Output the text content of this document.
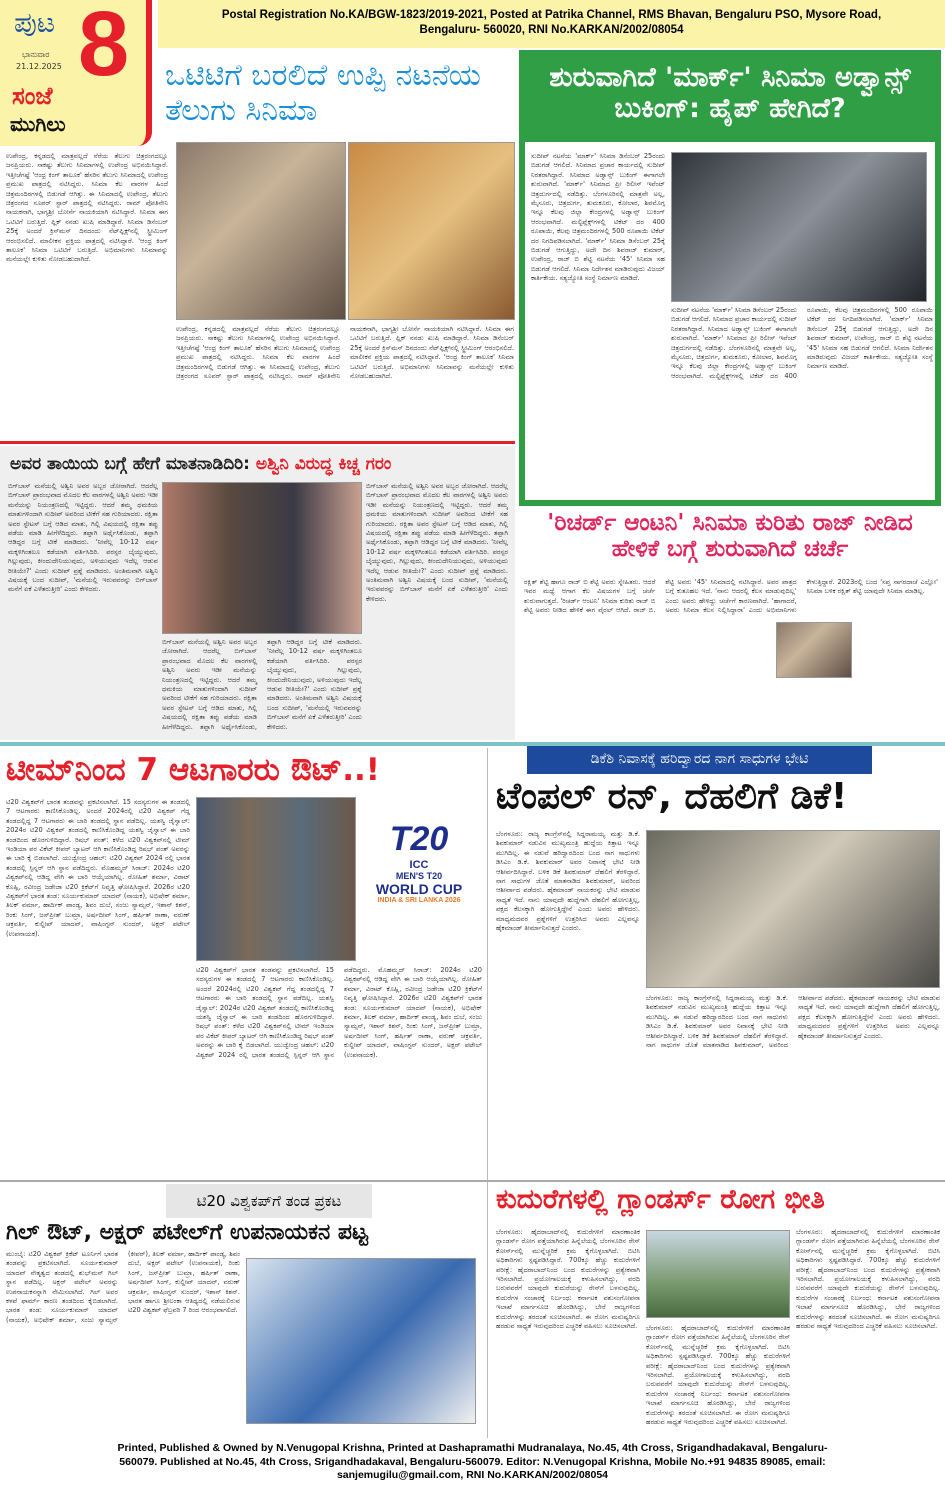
ಪುಟ 8
ಭಾನುವಾರ
21.12.2025
ಸಂಜೆ
ಮುಗಿಲು
Postal Registration No.KA/BGW-1823/2019-2021, Posted at Patrika Channel, RMS Bhavan, Bengaluru PSO, Mysore Road, Bengaluru- 560020, RNI No.KARKAN/2002/08054
ಒಟಿಟಿಗೆ ಬರಲಿದೆ ಉಪ್ಪಿ ನಟನೆಯ ತೆಲುಗು ಸಿನಿಮಾ
ಉಪೇಂದ್ರ, ಕನ್ನಡದಲ್ಲಿ ಮಾತ್ರವಲ್ಲದೆ ನೆರೆಯ ತೆಲುಗು ಚಿತ್ರರಂಗದಲ್ಲೂ ಜನಪ್ರಿಯರು. ಸಾಕಷ್ಟು ತೆಲುಗು ಸಿನಿಮಾಗಳಲ್ಲಿ ಉಪೇಂದ್ರ ಅಭಿನಯಿಸಿದ್ದಾರೆ. ಇತ್ತೀಚೆಗಷ್ಟೆ 'ಆಂಧ್ರ ಕಿಂಗ್ ತಾಲೂಕ' ಹೆಸರಿನ ತೆಲುಗು ಸಿನಿಮಾದಲ್ಲಿ ಉಪೇಂದ್ರ ಪ್ರಮುಖ ಪಾತ್ರದಲ್ಲಿ ನಟಿಸಿದ್ದರು. ಸಿನಿಮಾ ಕೆಲ ವಾರಗಳ ಹಿಂದೆ ಚಿತ್ರಮಂದಿರಗಳಲ್ಲಿ ಬಿಡುಗಡೆ ಆಗಿತ್ತು. ಈ ಸಿನಿಮಾದಲ್ಲಿ ಉಪೇಂದ್ರ, ತೆಲುಗು ಚಿತ್ರರಂಗದ ಸೂಪರ್ ಸ್ಟಾರ್ ಪಾತ್ರದಲ್ಲಿ ನಟಿಸಿದ್ದರು. ರಾಮ್ ಪೋತಿನೇನಿ ನಾಯಕನಾಗಿ, ಭಾಗ್ಯಶ್ರೀ ಬೋರ್ಸೆ ನಾಯಕಿಯಾಗಿ ನಟಿಸಿದ್ದಾರೆ. ಸಿನಿಮಾ ಈಗ ಒಟಿಟಿಗೆ ಬರುತ್ತಿದೆ. ಫ್ಲಿಕ್ ನನಡು ಖುಷಿ ಮಾಡಿದ್ದಾರೆ. ಸಿನಿಮಾ ಡಿಸೆಂಬರ್ 25ಕ್ಕೆ ಅಂದರೆ ಕ್ರಿಸ್‌ಮಸ್ ದಿನದಂದು ನೆಟ್‌ಫ್ಲಿಕ್ಸ್‌ನಲ್ಲಿ ಸ್ಟ್ರೀಮಿಂಗ್ ಆರಂಭಿಸಲಿದೆ. ಮಾಲೀಕನ ಪ್ರಕ್ತಿಯ ಪಾತ್ರದಲ್ಲಿ ನಟಿಸಿದ್ದಾರೆ. 'ಆಂಧ್ರ ಕಿಂಗ್ ತಾಲೂಕ' ಸಿನಿಮಾ ಒಟಿಟಿಗೆ ಬರುತ್ತಿದೆ. ಅಭಿಮಾನಿಗಳು ಸಿನಿಮಾವನ್ನು ಮನೆಯಲ್ಲೇ ಕುಳಿತು ನೋಡಬಹುದಾಗಿದೆ.
ಉಪೇಂದ್ರ, ಕನ್ನಡದಲ್ಲಿ ಮಾತ್ರವಲ್ಲದೆ ನೆರೆಯ ತೆಲುಗು ಚಿತ್ರರಂಗದಲ್ಲೂ ಜನಪ್ರಿಯರು. ಸಾಕಷ್ಟು ತೆಲುಗು ಸಿನಿಮಾಗಳಲ್ಲಿ ಉಪೇಂದ್ರ ಅಭಿನಯಿಸಿದ್ದಾರೆ. ಇತ್ತೀಚೆಗಷ್ಟೆ 'ಆಂಧ್ರ ಕಿಂಗ್ ತಾಲೂಕ' ಹೆಸರಿನ ತೆಲುಗು ಸಿನಿಮಾದಲ್ಲಿ ಉಪೇಂದ್ರ ಪ್ರಮುಖ ಪಾತ್ರದಲ್ಲಿ ನಟಿಸಿದ್ದರು. ಸಿನಿಮಾ ಕೆಲ ವಾರಗಳ ಹಿಂದೆ ಚಿತ್ರಮಂದಿರಗಳಲ್ಲಿ ಬಿಡುಗಡೆ ಆಗಿತ್ತು. ಈ ಸಿನಿಮಾದಲ್ಲಿ ಉಪೇಂದ್ರ, ತೆಲುಗು ಚಿತ್ರರಂಗದ ಸೂಪರ್ ಸ್ಟಾರ್ ಪಾತ್ರದಲ್ಲಿ ನಟಿಸಿದ್ದರು. ರಾಮ್ ಪೋತಿನೇನಿ ನಾಯಕನಾಗಿ, ಭಾಗ್ಯಶ್ರೀ ಬೋರ್ಸೆ ನಾಯಕಿಯಾಗಿ ನಟಿಸಿದ್ದಾರೆ. ಸಿನಿಮಾ ಈಗ ಒಟಿಟಿಗೆ ಬರುತ್ತಿದೆ. ಫ್ಲಿಕ್ ನನಡು ಖುಷಿ ಮಾಡಿದ್ದಾರೆ. ಸಿನಿಮಾ ಡಿಸೆಂಬರ್ 25ಕ್ಕೆ ಅಂದರೆ ಕ್ರಿಸ್‌ಮಸ್ ದಿನದಂದು ನೆಟ್‌ಫ್ಲಿಕ್ಸ್‌ನಲ್ಲಿ ಸ್ಟ್ರೀಮಿಂಗ್ ಆರಂಭಿಸಲಿದೆ. ಮಾಲೀಕನ ಪ್ರಕ್ತಿಯ ಪಾತ್ರದಲ್ಲಿ ನಟಿಸಿದ್ದಾರೆ. 'ಆಂಧ್ರ ಕಿಂಗ್ ತಾಲೂಕ' ಸಿನಿಮಾ ಒಟಿಟಿಗೆ ಬರುತ್ತಿದೆ. ಅಭಿಮಾನಿಗಳು ಸಿನಿಮಾವನ್ನು ಮನೆಯಲ್ಲೇ ಕುಳಿತು ನೋಡಬಹುದಾಗಿದೆ.
ಶುರುವಾಗಿದೆ 'ಮಾರ್ಕ್' ಸಿನಿಮಾ ಅಡ್ವಾನ್ಸ್ ಬುಕಿಂಗ್: ಹೈಪ್ ಹೇಗಿದೆ?
ಸುದೀಪ್ ನಟನೆಯ 'ಮಾರ್ಕ್' ಸಿನಿಮಾ ಡಿಸೆಂಬರ್ 25ರಂದು ಬಿಡುಗಡೆ ಆಗಲಿದೆ. ಸಿನಿಮಾದ ಪ್ರಚಾರ ಕಾರ್ಯದಲ್ಲಿ ಸುದೀಪ್ ನಿರತರಾಗಿದ್ದಾರೆ. ಸಿನಿಮಾದ ಅಡ್ವಾನ್ಸ್ ಬುಕಿಂಗ್ ಈಗಾಗಲೇ ಶುರುವಾಗಿದೆ. 'ಮಾರ್ಕ್' ಸಿನಿಮಾದ ಪ್ರೀ ರಿಲೀಸ್ ಇವೆಂಟ್ ಚಿತ್ರದುರ್ಗದಲ್ಲಿ ನಡೆದಿತ್ತು. ಬೆಂಗಳೂರಿನಲ್ಲಿ ಮಾತ್ರವೇ ಅಲ್ಲ, ಮೈಸೂರು, ಚಿತ್ರದುರ್ಗ, ತುಮಕೂರು, ಕೋಲಾರ, ಶಿವಮೊಗ್ಗ ಇನ್ನೂ ಕೆಲವು ಜಿಲ್ಲಾ ಕೇಂದ್ರಗಳಲ್ಲಿ ಅಡ್ವಾನ್ಸ್ ಬುಕಿಂಗ್ ಆರಂಭವಾಗಿದೆ. ಮಲ್ಟಿಪ್ಲೆಕ್ಸ್‌ಗಳಲ್ಲಿ ಟಿಕೆಟ್ ದರ 400 ರೂಪಾಯಿ, ಕೆಲವು ಚಿತ್ರಮಂದಿರಗಳಲ್ಲಿ 500 ರೂಪಾಯಿ ಟಿಕೆಟ್ ದರ ನಿಗದಿಪಡಿಸಲಾಗಿದೆ. 'ಮಾರ್ಕ್' ಸಿನಿಮಾ ಡಿಸೆಂಬರ್ 25ಕ್ಕೆ ಬಿಡುಗಡೆ ಆಗುತ್ತಿದ್ದು, ಅದೇ ದಿನ ಶಿವರಾಜ್ ಕುಮಾರ್, ಉಪೇಂದ್ರ, ರಾಜ್ ಬಿ ಶೆಟ್ಟಿ ನಟನೆಯ '45' ಸಿನಿಮಾ ಸಹ ಬಿಡುಗಡೆ ಆಗಲಿದೆ. ಸಿನಿಮಾ ನಿರ್ದೇಶನ ಮಾಡಿರುವುದು ವಿಜಯ್ ಕಾರ್ತಿಕೇಯ. ಸತ್ಯಜ್ಯೋತಿ ಸಂಸ್ಥೆ ನಿರ್ಮಾಣ ಮಾಡಿದೆ.
ಸುದೀಪ್ ನಟನೆಯ 'ಮಾರ್ಕ್' ಸಿನಿಮಾ ಡಿಸೆಂಬರ್ 25ರಂದು ಬಿಡುಗಡೆ ಆಗಲಿದೆ. ಸಿನಿಮಾದ ಪ್ರಚಾರ ಕಾರ್ಯದಲ್ಲಿ ಸುದೀಪ್ ನಿರತರಾಗಿದ್ದಾರೆ. ಸಿನಿಮಾದ ಅಡ್ವಾನ್ಸ್ ಬುಕಿಂಗ್ ಈಗಾಗಲೇ ಶುರುವಾಗಿದೆ. 'ಮಾರ್ಕ್' ಸಿನಿಮಾದ ಪ್ರೀ ರಿಲೀಸ್ ಇವೆಂಟ್ ಚಿತ್ರದುರ್ಗದಲ್ಲಿ ನಡೆದಿತ್ತು. ಬೆಂಗಳೂರಿನಲ್ಲಿ ಮಾತ್ರವೇ ಅಲ್ಲ, ಮೈಸೂರು, ಚಿತ್ರದುರ್ಗ, ತುಮಕೂರು, ಕೋಲಾರ, ಶಿವಮೊಗ್ಗ ಇನ್ನೂ ಕೆಲವು ಜಿಲ್ಲಾ ಕೇಂದ್ರಗಳಲ್ಲಿ ಅಡ್ವಾನ್ಸ್ ಬುಕಿಂಗ್ ಆರಂಭವಾಗಿದೆ. ಮಲ್ಟಿಪ್ಲೆಕ್ಸ್‌ಗಳಲ್ಲಿ ಟಿಕೆಟ್ ದರ 400 ರೂಪಾಯಿ, ಕೆಲವು ಚಿತ್ರಮಂದಿರಗಳಲ್ಲಿ 500 ರೂಪಾಯಿ ಟಿಕೆಟ್ ದರ ನಿಗದಿಪಡಿಸಲಾಗಿದೆ. 'ಮಾರ್ಕ್' ಸಿನಿಮಾ ಡಿಸೆಂಬರ್ 25ಕ್ಕೆ ಬಿಡುಗಡೆ ಆಗುತ್ತಿದ್ದು, ಅದೇ ದಿನ ಶಿವರಾಜ್ ಕುಮಾರ್, ಉಪೇಂದ್ರ, ರಾಜ್ ಬಿ ಶೆಟ್ಟಿ ನಟನೆಯ '45' ಸಿನಿಮಾ ಸಹ ಬಿಡುಗಡೆ ಆಗಲಿದೆ. ಸಿನಿಮಾ ನಿರ್ದೇಶನ ಮಾಡಿರುವುದು ವಿಜಯ್ ಕಾರ್ತಿಕೇಯ. ಸತ್ಯಜ್ಯೋತಿ ಸಂಸ್ಥೆ ನಿರ್ಮಾಣ ಮಾಡಿದೆ.
ಅವರ ತಾಯಿಯ ಬಗ್ಗೆ ಹೇಗೆ ಮಾತನಾಡಿದಿರಿ: ಅಶ್ವಿನಿ ವಿರುದ್ಧ ಕಿಚ್ಚ ಗರಂ
ಬಿಗ್‌ಬಾಸ್ ಮನೆಯಲ್ಲಿ ಅಶ್ವಿನಿ ಅವರ ಅಬ್ಬರ ಜೋರಾಗಿದೆ. ಆದರೆಲ್ಲ ಬಿಗ್‌ಬಾಸ್ ಪ್ರಾರಂಭವಾದ ಮೊದಲ ಕೆಲ ವಾರಗಳಲ್ಲಿ ಅಶ್ವಿನಿ ಅವರು ಇಡೀ ಮನೆಯನ್ನು ನಿಯಂತ್ರಣದಲ್ಲಿ ಇಟ್ಟಿದ್ದರು. ಆದರೆ ತಮ್ಮ ಧಮಕಿಯ ಮಾತುಗಳಿಂದಾಗಿ ಸುದೀಪ್ ಅವರಿಂದ ಟೀಕೆಗೆ ಸಹ ಗುರಿಯಾದರು. ರಕ್ಷಿತಾ ಅವರ ಸ್ಟೇಟಸ್ ಬಗ್ಗೆ ಆಡಿದ ಮಾತು, ಗಿಲ್ಲಿ ವಿಷಯದಲ್ಲಿ ರಕ್ಷಿತಾ ತಪ್ಪು ಪಡೆಯ ಮಾಡಿ ಹೀಗೆಳೆದಿದ್ದರು. ತಪ್ಪಾಗಿ ಅರ್ಥೈಸಿಕೊಂಡು, ತಪ್ಪಾಗಿ ಆಡಿದ್ದರ ಬಗ್ಗೆ ಟೀಕೆ ಮಾಡಿದರು. 'ನೀವೆಲ್ಲ 10-12 ವರ್ಷ ಮಕ್ಕಳಿಗಿಂತಲೂ ಕಡೆಯಾಗಿ ವರ್ತಿಸಿದಿರಿ. ಪರಸ್ಪರ ಬೈಯ್ಯುವುದು, ಗಿಲ್ಲುವುದು, ಕೀಂದುದೇನಿಯುವುದು, ಅಳಿಯುವುದು ಇದೆಲ್ಲ ಆಡುವ ರೀತಿಯೇ?' ಎಂದು ಸುದೀಪ್ ಪ್ರಶ್ನೆ ಮಾಡಿದರು. ಅಂತಿಮವಾಗಿ ಅಶ್ವಿನಿ ವಿಷಯಕ್ಕೆ ಬಂದ ಸುದೀಪ್, 'ಮನೆಯಲ್ಲಿ ಇರುವವರನ್ನು ಬಿಗ್‌ಬಾಸ್ ಮನೆಗೆ ಏಕೆ ಎಳೆತರುತ್ತೀರಿ' ಎಂದು ಕೇಳಿದರು.
ಬಿಗ್‌ಬಾಸ್ ಮನೆಯಲ್ಲಿ ಅಶ್ವಿನಿ ಅವರ ಅಬ್ಬರ ಜೋರಾಗಿದೆ. ಆದರೆಲ್ಲ ಬಿಗ್‌ಬಾಸ್ ಪ್ರಾರಂಭವಾದ ಮೊದಲ ಕೆಲ ವಾರಗಳಲ್ಲಿ ಅಶ್ವಿನಿ ಅವರು ಇಡೀ ಮನೆಯನ್ನು ನಿಯಂತ್ರಣದಲ್ಲಿ ಇಟ್ಟಿದ್ದರು. ಆದರೆ ತಮ್ಮ ಧಮಕಿಯ ಮಾತುಗಳಿಂದಾಗಿ ಸುದೀಪ್ ಅವರಿಂದ ಟೀಕೆಗೆ ಸಹ ಗುರಿಯಾದರು. ರಕ್ಷಿತಾ ಅವರ ಸ್ಟೇಟಸ್ ಬಗ್ಗೆ ಆಡಿದ ಮಾತು, ಗಿಲ್ಲಿ ವಿಷಯದಲ್ಲಿ ರಕ್ಷಿತಾ ತಪ್ಪು ಪಡೆಯ ಮಾಡಿ ಹೀಗೆಳೆದಿದ್ದರು. ತಪ್ಪಾಗಿ ಅರ್ಥೈಸಿಕೊಂಡು, ತಪ್ಪಾಗಿ ಆಡಿದ್ದರ ಬಗ್ಗೆ ಟೀಕೆ ಮಾಡಿದರು. 'ನೀವೆಲ್ಲ 10-12 ವರ್ಷ ಮಕ್ಕಳಿಗಿಂತಲೂ ಕಡೆಯಾಗಿ ವರ್ತಿಸಿದಿರಿ. ಪರಸ್ಪರ ಬೈಯ್ಯುವುದು, ಗಿಲ್ಲುವುದು, ಕೀಂದುದೇನಿಯುವುದು, ಅಳಿಯುವುದು ಇದೆಲ್ಲ ಆಡುವ ರೀತಿಯೇ?' ಎಂದು ಸುದೀಪ್ ಪ್ರಶ್ನೆ ಮಾಡಿದರು. ಅಂತಿಮವಾಗಿ ಅಶ್ವಿನಿ ವಿಷಯಕ್ಕೆ ಬಂದ ಸುದೀಪ್, 'ಮನೆಯಲ್ಲಿ ಇರುವವರನ್ನು ಬಿಗ್‌ಬಾಸ್ ಮನೆಗೆ ಏಕೆ ಎಳೆತರುತ್ತೀರಿ' ಎಂದು ಕೇಳಿದರು.
ಬಿಗ್‌ಬಾಸ್ ಮನೆಯಲ್ಲಿ ಅಶ್ವಿನಿ ಅವರ ಅಬ್ಬರ ಜೋರಾಗಿದೆ. ಆದರೆಲ್ಲ ಬಿಗ್‌ಬಾಸ್ ಪ್ರಾರಂಭವಾದ ಮೊದಲ ಕೆಲ ವಾರಗಳಲ್ಲಿ ಅಶ್ವಿನಿ ಅವರು ಇಡೀ ಮನೆಯನ್ನು ನಿಯಂತ್ರಣದಲ್ಲಿ ಇಟ್ಟಿದ್ದರು. ಆದರೆ ತಮ್ಮ ಧಮಕಿಯ ಮಾತುಗಳಿಂದಾಗಿ ಸುದೀಪ್ ಅವರಿಂದ ಟೀಕೆಗೆ ಸಹ ಗುರಿಯಾದರು. ರಕ್ಷಿತಾ ಅವರ ಸ್ಟೇಟಸ್ ಬಗ್ಗೆ ಆಡಿದ ಮಾತು, ಗಿಲ್ಲಿ ವಿಷಯದಲ್ಲಿ ರಕ್ಷಿತಾ ತಪ್ಪು ಪಡೆಯ ಮಾಡಿ ಹೀಗೆಳೆದಿದ್ದರು. ತಪ್ಪಾಗಿ ಅರ್ಥೈಸಿಕೊಂಡು, ತಪ್ಪಾಗಿ ಆಡಿದ್ದರ ಬಗ್ಗೆ ಟೀಕೆ ಮಾಡಿದರು. 'ನೀವೆಲ್ಲ 10-12 ವರ್ಷ ಮಕ್ಕಳಿಗಿಂತಲೂ ಕಡೆಯಾಗಿ ವರ್ತಿಸಿದಿರಿ. ಪರಸ್ಪರ ಬೈಯ್ಯುವುದು, ಗಿಲ್ಲುವುದು, ಕೀಂದುದೇನಿಯುವುದು, ಅಳಿಯುವುದು ಇದೆಲ್ಲ ಆಡುವ ರೀತಿಯೇ?' ಎಂದು ಸುದೀಪ್ ಪ್ರಶ್ನೆ ಮಾಡಿದರು. ಅಂತಿಮವಾಗಿ ಅಶ್ವಿನಿ ವಿಷಯಕ್ಕೆ ಬಂದ ಸುದೀಪ್, 'ಮನೆಯಲ್ಲಿ ಇರುವವರನ್ನು ಬಿಗ್‌ಬಾಸ್ ಮನೆಗೆ ಏಕೆ ಎಳೆತರುತ್ತೀರಿ' ಎಂದು ಕೇಳಿದರು.
'ರಿಚರ್ಡ್ ಆಂಟನಿ' ಸಿನಿಮಾ ಕುರಿತು ರಾಜ್ ನೀಡಿದ ಹೇಳಿಕೆ ಬಗ್ಗೆ ಶುರುವಾಗಿದೆ ಚರ್ಚೆ
ರಕ್ಷಿತ್ ಶೆಟ್ಟಿ ಹಾಗೂ ರಾಜ್ ಬಿ ಶೆಟ್ಟಿ ಅವರು ಸ್ನೇಹಿತರು. ಆದರೆ ಇವರ ಮಧ್ಯೆ ಆಗಾಗ ಕೆಲ ವಿಷಯಗಳ ಬಗ್ಗೆ ಚರ್ಚೆ ಶುರುವಾಗುತ್ತದೆ. 'ರಿಚರ್ಡ್ ಆಂಟನಿ' ಸಿನಿಮಾ ಕುರಿತು ರಾಜ್ ಬಿ ಶೆಟ್ಟಿ ಅವರು ನೀಡಿದ ಹೇಳಿಕೆ ಈಗ ವೈರಲ್ ಆಗಿದೆ. ರಾಜ್ ಬಿ. ಶೆಟ್ಟಿ ಅವರು '45' ಸಿನಿಮಾದಲ್ಲಿ ನಟಿಸಿದ್ದಾರೆ. ಅವರ ಪಾತ್ರದ ಬಗ್ಗೆ ಕುತೂಹಲ ಇದೆ. 'ನಾನು ಆದರಲ್ಲಿ ಕೆಲಸ ಮಾಡುವುದಿಲ್ಲ' ಎಂದು ಅವರು ಹೇಳಿದ್ದು ಚರ್ಚೆಗೆ ಕಾರಣವಾಗಿದೆ. 'ಹಾಗಾದರೆ, ಅವರು ಸಿನಿಮಾ ಕೆಲಸ ನಿಲ್ಲಿಸಿದ್ದಾರಾ' ಎಂದು ಅಭಿಮಾನಿಗಳು ಕೇಳುತ್ತಿದ್ದಾರೆ. 2023ರಲ್ಲಿ ಬಂದ 'ಸಪ್ತ ಸಾಗರದಾಚೆ ಎಲ್ಲೋ' ಸಿನಿಮಾ ಬಳಿಕ ರಕ್ಷಿತ್ ಶೆಟ್ಟಿ ಯಾವುದೇ ಸಿನಿಮಾ ಮಾಡಿಲ್ಲ.
ಟೀಮ್‌ನಿಂದ 7 ಆಟಗಾರರು ಔಟ್..!
T20
ICC
MEN'S T20
WORLD CUP
INDIA & SRI LANKA 2026
ಟಿ20 ವಿಶ್ವಕಪ್‌ಗೆ ಭಾರತ ತಂಡವನ್ನು ಪ್ರಕಟಿಸಲಾಗಿದೆ. 15 ಸದಸ್ಯರುಗಳ ಈ ತಂಡದಲ್ಲಿ 7 ಆಟಗಾರರು ಕಾಣಿಸಿಕೊಂಡಿಲ್ಲ. ಅಂದರೆ 2024ರಲ್ಲಿ ಟಿ20 ವಿಶ್ವಕಪ್ ಗೆದ್ದ ತಂಡದಲ್ಲಿದ್ದ 7 ಆಟಗಾರರು ಈ ಬಾರಿ ತಂಡದಲ್ಲಿ ಸ್ಥಾನ ಪಡೆದಿಲ್ಲ. ಯಶಸ್ವಿ ಜೈಸ್ವಾಲ್: 2024ರ ಟಿ20 ವಿಶ್ವಕಪ್ ತಂಡದಲ್ಲಿ ಕಾಣಿಸಿಕೊಂಡಿದ್ದ ಯಶಸ್ವಿ ಜೈಸ್ವಾಲ್ ಈ ಬಾರಿ ತಂಡದಿಂದ ಹೊರಗುಳಿದಿದ್ದಾರೆ. ರಿಷಭ್ ಪಂತ್: ಕಳೆದ ಟಿ20 ವಿಶ್ವಕಪ್‌ನಲ್ಲಿ ಟೀಮ್ ಇಂಡಿಯಾ ಪರ ವಿಕೆಟ್ ಕೀಪರ್ ಬ್ಯಾಟರ್ ಆಗಿ ಕಾಣಿಸಿಕೊಂಡಿದ್ದ ರಿಷಭ್ ಪಂತ್ ಅವರನ್ನು ಈ ಬಾರಿ ಕೈ ಬಿಡಲಾಗಿದೆ. ಯುಜ್ವೇಂದ್ರ ಚಹಲ್: ಟಿ20 ವಿಶ್ವಕಪ್ 2024 ರಲ್ಲಿ ಭಾರತ ತಂಡದಲ್ಲಿ ಸ್ಪಿನ್ನರ್ ಆಗಿ ಸ್ಥಾನ ಪಡೆದಿದ್ದರು. ಮೊಹಮ್ಮದ್ ಸಿರಾಜ್: 2024ರ ಟಿ20 ವಿಶ್ವಕಪ್‌ನಲ್ಲಿ ಆಡಿದ್ದ ವೇಗಿ ಈ ಬಾರಿ ಆಯ್ಕೆಯಾಗಿಲ್ಲ. ರೋಹಿತ್ ಶರ್ಮಾ, ವಿರಾಟ್ ಕೊಹ್ಲಿ, ರವೀಂದ್ರ ಜಡೇಜಾ ಟಿ20 ಕ್ರಿಕೆಟ್‌ಗೆ ನಿವೃತ್ತಿ ಘೋಷಿಸಿದ್ದಾರೆ. 2026ರ ಟಿ20 ವಿಶ್ವಕಪ್‌ಗೆ ಭಾರತ ತಂಡ: ಸೂರ್ಯಕುಮಾರ್ ಯಾದವ್ (ನಾಯಕ), ಅಭಿಷೇಕ್ ಶರ್ಮಾ, ತಿಲಕ್ ವರ್ಮಾ, ಹಾರ್ದಿಕ್ ಪಾಂಡ್ಯ, ಶಿವಂ ದುಬೆ, ಸಂಜು ಸ್ಯಾಮ್ಸನ್, ಇಶಾನ್ ಕಿಶನ್, ರಿಂಕು ಸಿಂಗ್, ಜಸ್‌ಪ್ರೀತ್ ಬುಮ್ರಾ, ಅರ್ಷದೀಪ್ ಸಿಂಗ್, ಹರ್ಷಿತ್ ರಾಣಾ, ವರುಣ್ ಚಕ್ರವರ್ತಿ, ಕುಲ್ದೀಪ್ ಯಾದವ್, ವಾಷಿಂಗ್ಟನ್ ಸುಂದರ್, ಅಕ್ಷರ್ ಪಟೇಲ್ (ಉಪನಾಯಕ).
ಟಿ20 ವಿಶ್ವಕಪ್‌ಗೆ ಭಾರತ ತಂಡವನ್ನು ಪ್ರಕಟಿಸಲಾಗಿದೆ. 15 ಸದಸ್ಯರುಗಳ ಈ ತಂಡದಲ್ಲಿ 7 ಆಟಗಾರರು ಕಾಣಿಸಿಕೊಂಡಿಲ್ಲ. ಅಂದರೆ 2024ರಲ್ಲಿ ಟಿ20 ವಿಶ್ವಕಪ್ ಗೆದ್ದ ತಂಡದಲ್ಲಿದ್ದ 7 ಆಟಗಾರರು ಈ ಬಾರಿ ತಂಡದಲ್ಲಿ ಸ್ಥಾನ ಪಡೆದಿಲ್ಲ. ಯಶಸ್ವಿ ಜೈಸ್ವಾಲ್: 2024ರ ಟಿ20 ವಿಶ್ವಕಪ್ ತಂಡದಲ್ಲಿ ಕಾಣಿಸಿಕೊಂಡಿದ್ದ ಯಶಸ್ವಿ ಜೈಸ್ವಾಲ್ ಈ ಬಾರಿ ತಂಡದಿಂದ ಹೊರಗುಳಿದಿದ್ದಾರೆ. ರಿಷಭ್ ಪಂತ್: ಕಳೆದ ಟಿ20 ವಿಶ್ವಕಪ್‌ನಲ್ಲಿ ಟೀಮ್ ಇಂಡಿಯಾ ಪರ ವಿಕೆಟ್ ಕೀಪರ್ ಬ್ಯಾಟರ್ ಆಗಿ ಕಾಣಿಸಿಕೊಂಡಿದ್ದ ರಿಷಭ್ ಪಂತ್ ಅವರನ್ನು ಈ ಬಾರಿ ಕೈ ಬಿಡಲಾಗಿದೆ. ಯುಜ್ವೇಂದ್ರ ಚಹಲ್: ಟಿ20 ವಿಶ್ವಕಪ್ 2024 ರಲ್ಲಿ ಭಾರತ ತಂಡದಲ್ಲಿ ಸ್ಪಿನ್ನರ್ ಆಗಿ ಸ್ಥಾನ ಪಡೆದಿದ್ದರು. ಮೊಹಮ್ಮದ್ ಸಿರಾಜ್: 2024ರ ಟಿ20 ವಿಶ್ವಕಪ್‌ನಲ್ಲಿ ಆಡಿದ್ದ ವೇಗಿ ಈ ಬಾರಿ ಆಯ್ಕೆಯಾಗಿಲ್ಲ. ರೋಹಿತ್ ಶರ್ಮಾ, ವಿರಾಟ್ ಕೊಹ್ಲಿ, ರವೀಂದ್ರ ಜಡೇಜಾ ಟಿ20 ಕ್ರಿಕೆಟ್‌ಗೆ ನಿವೃತ್ತಿ ಘೋಷಿಸಿದ್ದಾರೆ. 2026ರ ಟಿ20 ವಿಶ್ವಕಪ್‌ಗೆ ಭಾರತ ತಂಡ: ಸೂರ್ಯಕುಮಾರ್ ಯಾದವ್ (ನಾಯಕ), ಅಭಿಷೇಕ್ ಶರ್ಮಾ, ತಿಲಕ್ ವರ್ಮಾ, ಹಾರ್ದಿಕ್ ಪಾಂಡ್ಯ, ಶಿವಂ ದುಬೆ, ಸಂಜು ಸ್ಯಾಮ್ಸನ್, ಇಶಾನ್ ಕಿಶನ್, ರಿಂಕು ಸಿಂಗ್, ಜಸ್‌ಪ್ರೀತ್ ಬುಮ್ರಾ, ಅರ್ಷದೀಪ್ ಸಿಂಗ್, ಹರ್ಷಿತ್ ರಾಣಾ, ವರುಣ್ ಚಕ್ರವರ್ತಿ, ಕುಲ್ದೀಪ್ ಯಾದವ್, ವಾಷಿಂಗ್ಟನ್ ಸುಂದರ್, ಅಕ್ಷರ್ ಪಟೇಲ್ (ಉಪನಾಯಕ).
ಡಿಕೆಶಿ ನಿವಾಸಕ್ಕೆ ಹರಿದ್ವಾರದ ನಾಗ ಸಾಧುಗಳ ಭೇಟಿ
ಟೆಂಪಲ್ ರನ್, ದೆಹಲಿಗೆ ಡಿಕೆ!
ಬೆಂಗಳೂರು: ರಾಜ್ಯ ಕಾಂಗ್ರೆಸ್‌ನಲ್ಲಿ ಸಿದ್ದರಾಮಯ್ಯ ಮತ್ತು ಡಿ.ಕೆ. ಶಿವಕುಮಾರ್ ನಡುವಿನ ಮುಖ್ಯಮಂತ್ರಿ ಹುದ್ದೆಯ ಕಿತ್ತಾಟ ಇನ್ನೂ ಮುಗಿದಿಲ್ಲ. ಈ ನಡುವೆ ಹರಿದ್ವಾರದಿಂದ ಬಂದ ನಾಗ ಸಾಧುಗಳು ಡಿಸಿಎಂ ಡಿ.ಕೆ. ಶಿವಕುಮಾರ್ ಅವರ ನಿವಾಸಕ್ಕೆ ಭೇಟಿ ನೀಡಿ ಆಶೀರ್ವದಿಸಿದ್ದಾರೆ. ಬಳಿಕ ಡಿಕೆ ಶಿವಕುಮಾರ್ ದೆಹಲಿಗೆ ತೆರಳಿದ್ದಾರೆ. ನಾಗ ಸಾಧುಗಳ ಜೊತೆ ಮಾತನಾಡಿದ ಶಿವಕುಮಾರ್, ಅವರಿಂದ ಆಶೀರ್ವಾದ ಪಡೆದರು. ಹೈಕಮಾಂಡ್ ನಾಯಕರನ್ನು ಭೇಟಿ ಮಾಡುವ ಸಾಧ್ಯತೆ ಇದೆ. ನಾನು ಯಾವುದೇ ಹುದ್ದೆಗಾಗಿ ದೆಹಲಿಗೆ ಹೋಗುತ್ತಿಲ್ಲ, ಪಕ್ಷದ ಕೆಲಸಕ್ಕಾಗಿ ಹೋಗುತ್ತಿದ್ದೇನೆ ಎಂದು ಅವರು ಹೇಳಿದರು. ಮಾಧ್ಯಮದವರ ಪ್ರಶ್ನೆಗಳಿಗೆ ಉತ್ತರಿಸಿದ ಅವರು ಎಲ್ಲವನ್ನೂ ಹೈಕಮಾಂಡ್ ತೀರ್ಮಾನಿಸುತ್ತದೆ ಎಂದರು.
ಬೆಂಗಳೂರು: ರಾಜ್ಯ ಕಾಂಗ್ರೆಸ್‌ನಲ್ಲಿ ಸಿದ್ದರಾಮಯ್ಯ ಮತ್ತು ಡಿ.ಕೆ. ಶಿವಕುಮಾರ್ ನಡುವಿನ ಮುಖ್ಯಮಂತ್ರಿ ಹುದ್ದೆಯ ಕಿತ್ತಾಟ ಇನ್ನೂ ಮುಗಿದಿಲ್ಲ. ಈ ನಡುವೆ ಹರಿದ್ವಾರದಿಂದ ಬಂದ ನಾಗ ಸಾಧುಗಳು ಡಿಸಿಎಂ ಡಿ.ಕೆ. ಶಿವಕುಮಾರ್ ಅವರ ನಿವಾಸಕ್ಕೆ ಭೇಟಿ ನೀಡಿ ಆಶೀರ್ವದಿಸಿದ್ದಾರೆ. ಬಳಿಕ ಡಿಕೆ ಶಿವಕುಮಾರ್ ದೆಹಲಿಗೆ ತೆರಳಿದ್ದಾರೆ. ನಾಗ ಸಾಧುಗಳ ಜೊತೆ ಮಾತನಾಡಿದ ಶಿವಕುಮಾರ್, ಅವರಿಂದ ಆಶೀರ್ವಾದ ಪಡೆದರು. ಹೈಕಮಾಂಡ್ ನಾಯಕರನ್ನು ಭೇಟಿ ಮಾಡುವ ಸಾಧ್ಯತೆ ಇದೆ. ನಾನು ಯಾವುದೇ ಹುದ್ದೆಗಾಗಿ ದೆಹಲಿಗೆ ಹೋಗುತ್ತಿಲ್ಲ, ಪಕ್ಷದ ಕೆಲಸಕ್ಕಾಗಿ ಹೋಗುತ್ತಿದ್ದೇನೆ ಎಂದು ಅವರು ಹೇಳಿದರು. ಮಾಧ್ಯಮದವರ ಪ್ರಶ್ನೆಗಳಿಗೆ ಉತ್ತರಿಸಿದ ಅವರು ಎಲ್ಲವನ್ನೂ ಹೈಕಮಾಂಡ್ ತೀರ್ಮಾನಿಸುತ್ತದೆ ಎಂದರು.
ಟಿ20 ವಿಶ್ವಕಪ್‌ಗೆ ತಂಡ ಪ್ರಕಟ
ಗಿಲ್ ಔಟ್, ಅಕ್ಷರ್ ಪಟೇಲ್‌ಗೆ ಉಪನಾಯಕನ ಪಟ್ಟ
ಮುಂಬೈ: ಟಿ20 ವಿಶ್ವಕಪ್ ಕ್ರಿಕೆಟ್ ಟೂರ್ನಿಗೆ ಭಾರತ ತಂಡವನ್ನು ಪ್ರಕಟಿಸಲಾಗಿದೆ. ಸೂರ್ಯಕುಮಾರ್ ಯಾದವ್ ನೇತೃತ್ವದ ತಂಡದಲ್ಲಿ ಶುಭ್‌ಮನ್ ಗಿಲ್ ಸ್ಥಾನ ಪಡೆದಿಲ್ಲ. ಅಕ್ಷರ್ ಪಟೇಲ್ ಅವರನ್ನು ಉಪನಾಯಕನನ್ನಾಗಿ ನೇಮಿಸಲಾಗಿದೆ. ಗಿಲ್ ಅವರ ಕಳಪೆ ಫಾರ್ಮ್ ಕಾರಣ ತಂಡದಿಂದ ಕೈಬಿಡಲಾಗಿದೆ. ಭಾರತ ತಂಡ: ಸೂರ್ಯಕುಮಾರ್ ಯಾದವ್ (ನಾಯಕ), ಅಭಿಷೇಕ್ ಶರ್ಮಾ, ಸಂಜು ಸ್ಯಾಮ್ಸನ್ (ಕೀಪರ್), ತಿಲಕ್ ವರ್ಮಾ, ಹಾರ್ದಿಕ್ ಪಾಂಡ್ಯ, ಶಿವಂ ದುಬೆ, ಅಕ್ಷರ್ ಪಟೇಲ್ (ಉಪನಾಯಕ), ರಿಂಕು ಸಿಂಗ್, ಜಸ್‌ಪ್ರೀತ್ ಬುಮ್ರಾ, ಹರ್ಷಿತ್ ರಾಣಾ, ಅರ್ಷದೀಪ್ ಸಿಂಗ್, ಕುಲ್ದೀಪ್ ಯಾದವ್, ವರುಣ್ ಚಕ್ರವರ್ತಿ, ವಾಷಿಂಗ್ಟನ್ ಸುಂದರ್, ಇಶಾನ್ ಕಿಶನ್. ಭಾರತ ಹಾಗೂ ಶ್ರೀಲಂಕಾ ಆತಿಥ್ಯದಲ್ಲಿ ನಡೆಯಲಿರುವ ಟಿ20 ವಿಶ್ವಕಪ್ ಫೆಬ್ರವರಿ 7 ರಿಂದ ಆರಂಭವಾಗಲಿದೆ.
ಕುದುರೆಗಳಲ್ಲಿ ಗ್ಲಾಂಡರ್ಸ್ ರೋಗ ಭೀತಿ
ಬೆಂಗಳೂರು: ಹೈದರಾಬಾದ್‌ನಲ್ಲಿ ಕುದುರೆಗಳಿಗೆ ಮಾರಣಾಂತಿಕ ಗ್ಲಾಂಡರ್ಸ್ ರೋಗ ಪತ್ತೆಯಾಗಿರುವ ಹಿನ್ನೆಲೆಯಲ್ಲಿ ಬೆಂಗಳೂರಿನ ರೇಸ್ ಕೋರ್ಸ್‌ನಲ್ಲಿ ಮುನ್ನೆಚ್ಚರಿಕೆ ಕ್ರಮ ಕೈಗೊಳ್ಳಲಾಗಿದೆ. ಬಿಟಿಸಿ ಅಧಿಕಾರಿಗಳು ಸ್ಪಷ್ಟಪಡಿಸಿದ್ದಾರೆ. 700ಕ್ಕೂ ಹೆಚ್ಚು ಕುದುರೆಗಳಿಗೆ ಪರೀಕ್ಷೆ: ಹೈದರಾಬಾದ್‌ನಿಂದ ಬಂದ ಕುದುರೆಗಳನ್ನು ಪ್ರತ್ಯೇಕವಾಗಿ ಇರಿಸಲಾಗಿದೆ. ಪ್ರಯೋಗಾಲಯಕ್ಕೆ ಕಳುಹಿಸಲಾಗಿದ್ದು, ವರದಿ ಬರುವವರೆಗೆ ಯಾವುದೇ ಕುದುರೆಯನ್ನು ರೇಸ್‌ಗೆ ಬಳಸುವುದಿಲ್ಲ. ಕುದುರೆಗಳ ಸಂಚಾರಕ್ಕೆ ನಿರ್ಬಂಧ: ಕರ್ನಾಟಕ ಪಶುಸಂಗೋಪನಾ ಇಲಾಖೆ ಮಾರ್ಗಸೂಚಿ ಹೊರಡಿಸಿದ್ದು, ಬೇರೆ ರಾಜ್ಯಗಳಿಂದ ಕುದುರೆಗಳನ್ನು ತರದಂತೆ ಸೂಚಿಸಲಾಗಿದೆ. ಈ ರೋಗ ಮನುಷ್ಯರಿಗೂ ಹರಡುವ ಸಾಧ್ಯತೆ ಇರುವುದರಿಂದ ಎಚ್ಚರಿಕೆ ವಹಿಸಲು ಸೂಚಿಸಲಾಗಿದೆ.
ಬೆಂಗಳೂರು: ಹೈದರಾಬಾದ್‌ನಲ್ಲಿ ಕುದುರೆಗಳಿಗೆ ಮಾರಣಾಂತಿಕ ಗ್ಲಾಂಡರ್ಸ್ ರೋಗ ಪತ್ತೆಯಾಗಿರುವ ಹಿನ್ನೆಲೆಯಲ್ಲಿ ಬೆಂಗಳೂರಿನ ರೇಸ್ ಕೋರ್ಸ್‌ನಲ್ಲಿ ಮುನ್ನೆಚ್ಚರಿಕೆ ಕ್ರಮ ಕೈಗೊಳ್ಳಲಾಗಿದೆ. ಬಿಟಿಸಿ ಅಧಿಕಾರಿಗಳು ಸ್ಪಷ್ಟಪಡಿಸಿದ್ದಾರೆ. 700ಕ್ಕೂ ಹೆಚ್ಚು ಕುದುರೆಗಳಿಗೆ ಪರೀಕ್ಷೆ: ಹೈದರಾಬಾದ್‌ನಿಂದ ಬಂದ ಕುದುರೆಗಳನ್ನು ಪ್ರತ್ಯೇಕವಾಗಿ ಇರಿಸಲಾಗಿದೆ. ಪ್ರಯೋಗಾಲಯಕ್ಕೆ ಕಳುಹಿಸಲಾಗಿದ್ದು, ವರದಿ ಬರುವವರೆಗೆ ಯಾವುದೇ ಕುದುರೆಯನ್ನು ರೇಸ್‌ಗೆ ಬಳಸುವುದಿಲ್ಲ. ಕುದುರೆಗಳ ಸಂಚಾರಕ್ಕೆ ನಿರ್ಬಂಧ: ಕರ್ನಾಟಕ ಪಶುಸಂಗೋಪನಾ ಇಲಾಖೆ ಮಾರ್ಗಸೂಚಿ ಹೊರಡಿಸಿದ್ದು, ಬೇರೆ ರಾಜ್ಯಗಳಿಂದ ಕುದುರೆಗಳನ್ನು ತರದಂತೆ ಸೂಚಿಸಲಾಗಿದೆ. ಈ ರೋಗ ಮನುಷ್ಯರಿಗೂ ಹರಡುವ ಸಾಧ್ಯತೆ ಇರುವುದರಿಂದ ಎಚ್ಚರಿಕೆ ವಹಿಸಲು ಸೂಚಿಸಲಾಗಿದೆ.
ಬೆಂಗಳೂರು: ಹೈದರಾಬಾದ್‌ನಲ್ಲಿ ಕುದುರೆಗಳಿಗೆ ಮಾರಣಾಂತಿಕ ಗ್ಲಾಂಡರ್ಸ್ ರೋಗ ಪತ್ತೆಯಾಗಿರುವ ಹಿನ್ನೆಲೆಯಲ್ಲಿ ಬೆಂಗಳೂರಿನ ರೇಸ್ ಕೋರ್ಸ್‌ನಲ್ಲಿ ಮುನ್ನೆಚ್ಚರಿಕೆ ಕ್ರಮ ಕೈಗೊಳ್ಳಲಾಗಿದೆ. ಬಿಟಿಸಿ ಅಧಿಕಾರಿಗಳು ಸ್ಪಷ್ಟಪಡಿಸಿದ್ದಾರೆ. 700ಕ್ಕೂ ಹೆಚ್ಚು ಕುದುರೆಗಳಿಗೆ ಪರೀಕ್ಷೆ: ಹೈದರಾಬಾದ್‌ನಿಂದ ಬಂದ ಕುದುರೆಗಳನ್ನು ಪ್ರತ್ಯೇಕವಾಗಿ ಇರಿಸಲಾಗಿದೆ. ಪ್ರಯೋಗಾಲಯಕ್ಕೆ ಕಳುಹಿಸಲಾಗಿದ್ದು, ವರದಿ ಬರುವವರೆಗೆ ಯಾವುದೇ ಕುದುರೆಯನ್ನು ರೇಸ್‌ಗೆ ಬಳಸುವುದಿಲ್ಲ. ಕುದುರೆಗಳ ಸಂಚಾರಕ್ಕೆ ನಿರ್ಬಂಧ: ಕರ್ನಾಟಕ ಪಶುಸಂಗೋಪನಾ ಇಲಾಖೆ ಮಾರ್ಗಸೂಚಿ ಹೊರಡಿಸಿದ್ದು, ಬೇರೆ ರಾಜ್ಯಗಳಿಂದ ಕುದುರೆಗಳನ್ನು ತರದಂತೆ ಸೂಚಿಸಲಾಗಿದೆ. ಈ ರೋಗ ಮನುಷ್ಯರಿಗೂ ಹರಡುವ ಸಾಧ್ಯತೆ ಇರುವುದರಿಂದ ಎಚ್ಚರಿಕೆ ವಹಿಸಲು ಸೂಚಿಸಲಾಗಿದೆ.
Printed, Published & Owned by N.Venugopal Krishna, Printed at Dashapramathi Mudranalaya, No.45, 4th Cross, Srigandhadakaval, Bengaluru-560079. Published at No.45, 4th Cross, Srigandhadakaval, Bengaluru-560079. Editor: N.Venugopal Krishna, Mobile No.+91 94835 89085, email: sanjemugilu@gmail.com, RNI No.KARKAN/2002/08054
